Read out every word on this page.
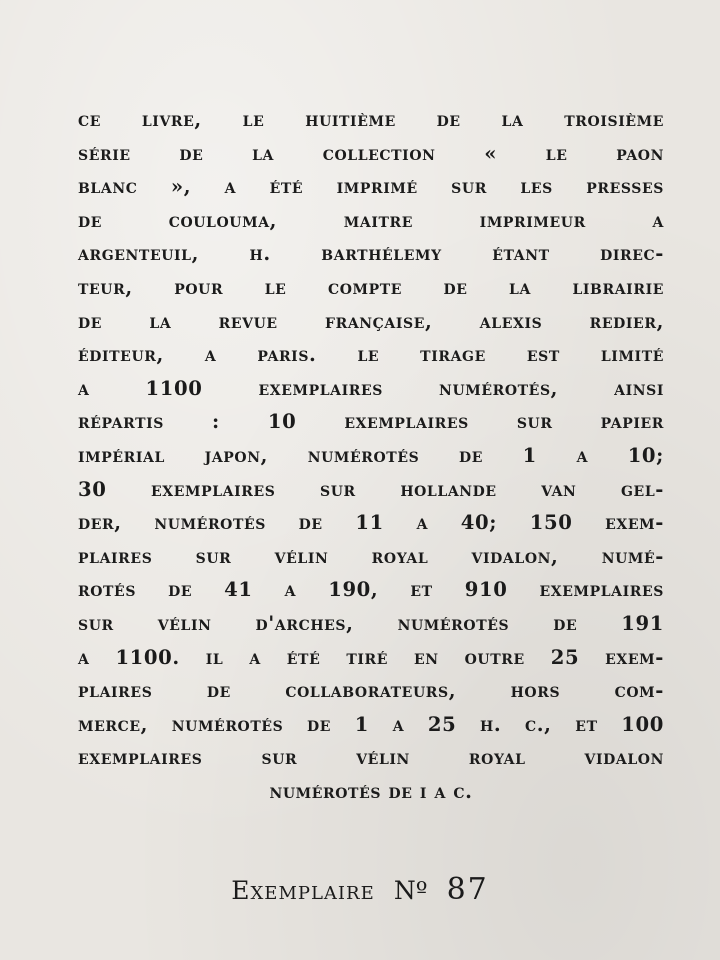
ce livre, le huitième de la troisième
série de la collection « le paon
blanc », a été imprimé sur les presses
de coulouma, maitre imprimeur a
argenteuil, h. barthélemy étant direc-
teur, pour le compte de la librairie
de la revue française, alexis redier,
éditeur, a paris. le tirage est limité
a 1100 exemplaires numérotés, ainsi
répartis : 10 exemplaires sur papier
impérial japon, numérotés de 1 a 10;
30 exemplaires sur hollande van gel-
der, numérotés de 11 a 40; 150 exem-
plaires sur vélin royal vidalon, numé-
rotés de 41 a 190, et 910 exemplaires
sur vélin d'arches, numérotés de 191
a 1100. il a été tiré en outre 25 exem-
plaires de collaborateurs, hors com-
merce, numérotés de 1 a 25 h. c., et 100
exemplaires sur vélin royal vidalon
numérotés de i a c.
Exemplaire Nº 87
